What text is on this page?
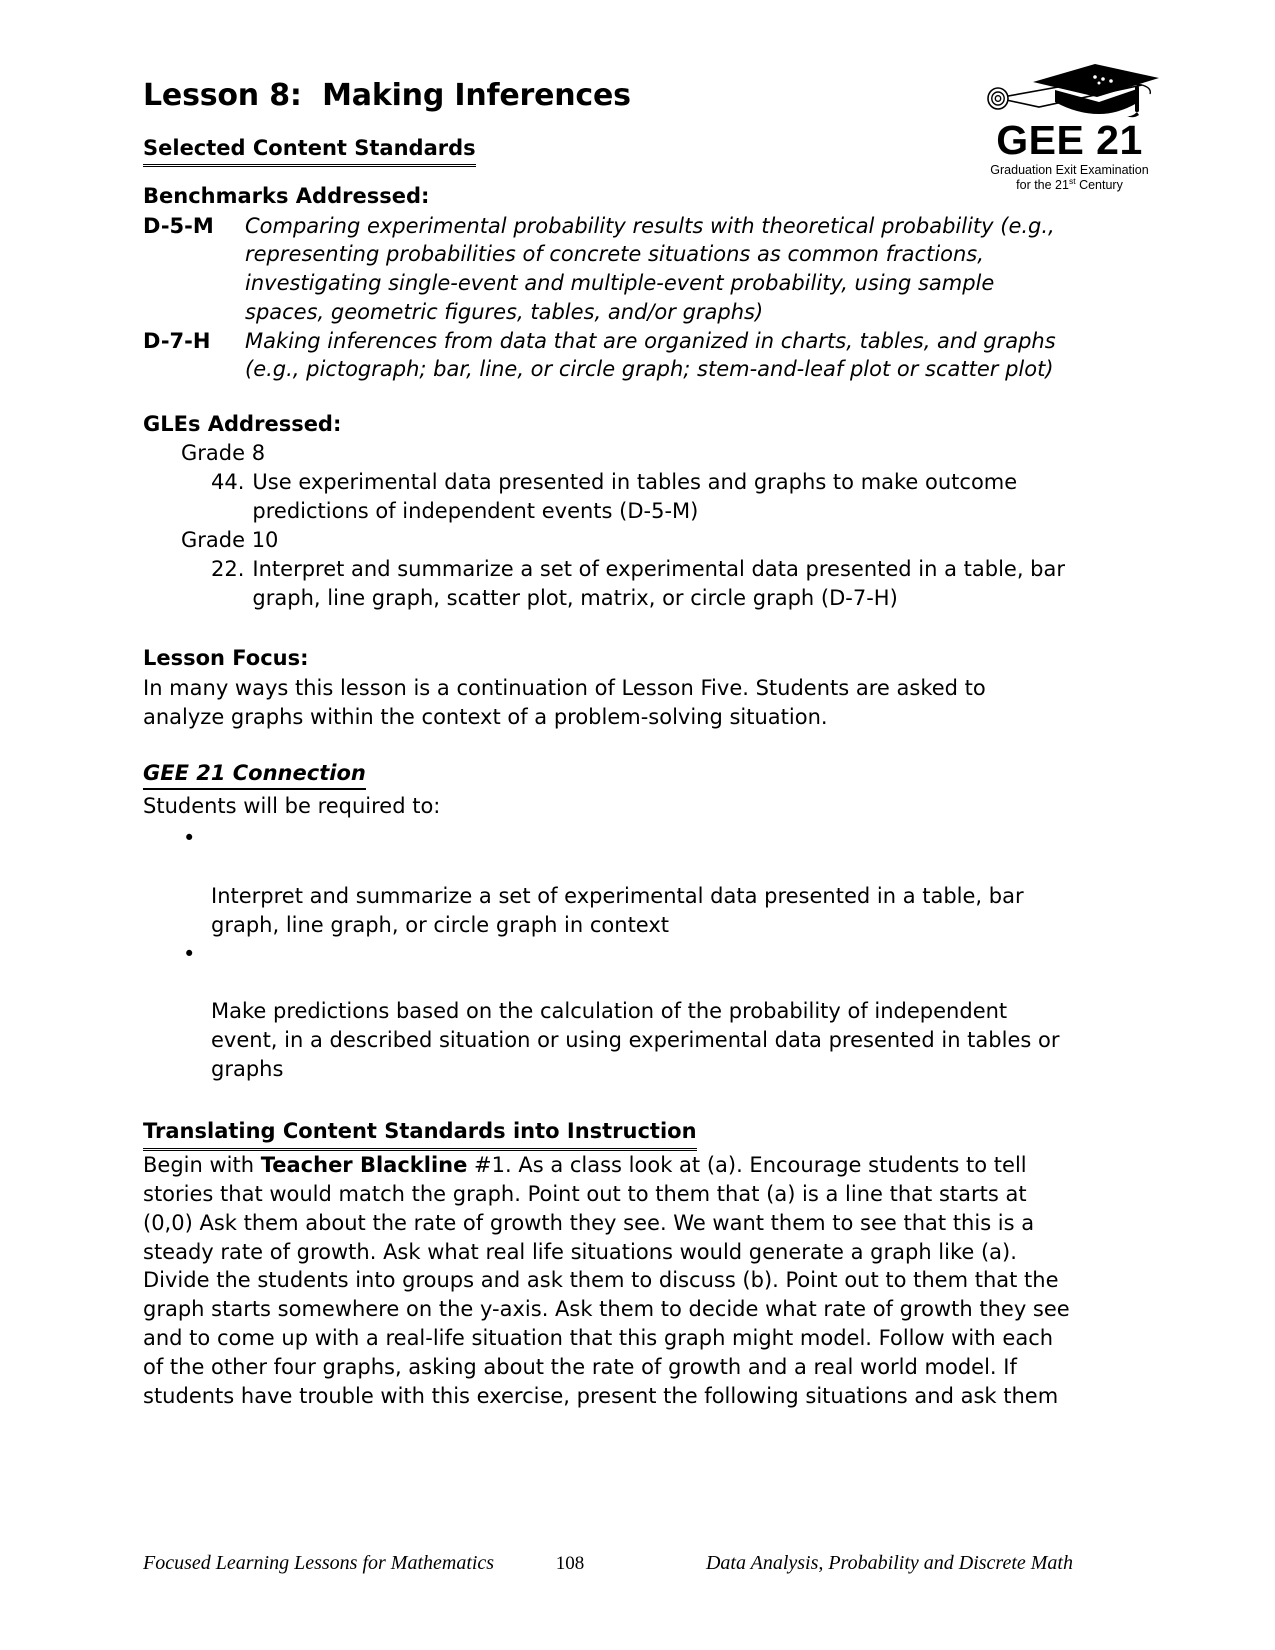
GEE 21
Graduation Exit Examination
for the 21st Century
Lesson 8:  Making Inferences
Selected Content Standards
Benchmarks Addressed:
D-5-M	Comparing experimental probability results with theoretical probability (e.g., representing probabilities of concrete situations as common fractions, investigating single-event and multiple-event probability, using sample spaces, geometric figures, tables, and/or graphs)
D-7-H	Making inferences from data that are organized in charts, tables, and graphs (e.g., pictograph; bar, line, or circle graph; stem-and-leaf plot or scatter plot)
GLEs Addressed:
Grade 8
44. Use experimental data presented in tables and graphs to make outcome predictions of independent events (D-5-M)
Grade 10
22. Interpret and summarize a set of experimental data presented in a table, bar graph, line graph, scatter plot, matrix, or circle graph (D-7-H)
Lesson Focus:

In many ways this lesson is a continuation of Lesson Five. Students are asked to analyze graphs within the context of a problem-solving situation.

GEE 21 Connection

Students will be required to:

•

Interpret and summarize a set of experimental data presented in a table, bar graph, line graph, or circle graph in context

•

Make predictions based on the calculation of the probability of independent event, in a described situation or using experimental data presented in tables or graphs

Translating Content Standards into Instruction

Begin with Teacher Blackline #1. As a class look at (a). Encourage students to tell stories that would match the graph. Point out to them that (a) is a line that starts at (0,0) Ask them about the rate of growth they see. We want them to see that this is a steady rate of growth. Ask what real life situations would generate a graph like (a). Divide the students into groups and ask them to discuss (b). Point out to them that the graph starts somewhere on the y-axis. Ask them to decide what rate of growth they see and to come up with a real-life situation that this graph might model. Follow with each of the other four graphs, asking about the rate of growth and a real world model. If students have trouble with this exercise, present the following situations and ask them

Focused Learning Lessons for Mathematics	108	Data Analysis, Probability and Discrete Math
